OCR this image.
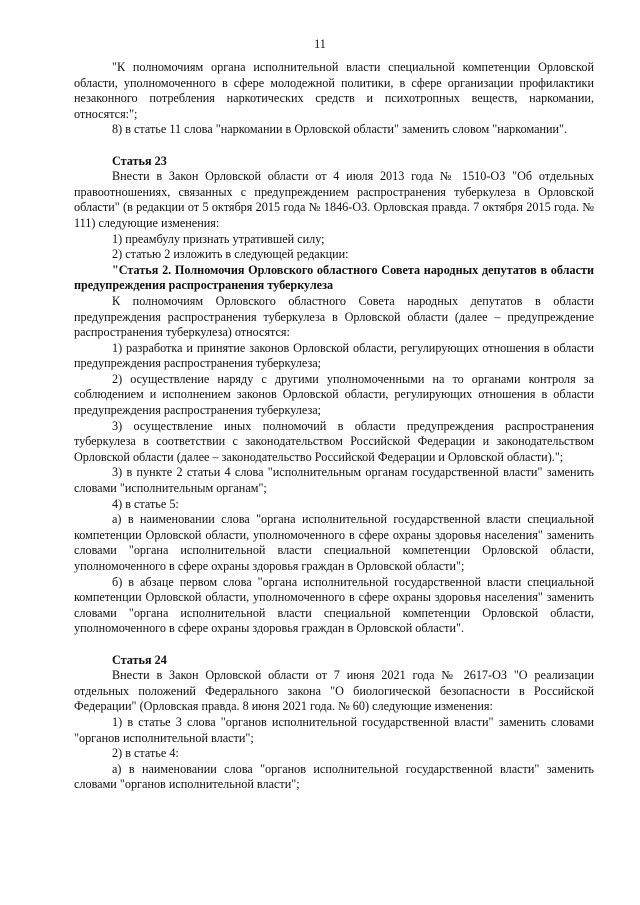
11

"К полномочиям органа исполнительной власти специальной компетенции Орловской области, уполномоченного в сфере молодежной политики, в сфере организации профилактики незаконного потребления наркотических средств и психотропных веществ, наркомании, относятся:";

8) в статье 11 слова "наркомании в Орловской области" заменить словом "наркомании".

Статья 23

Внести в Закон Орловской области от 4 июля 2013 года № 1510-ОЗ "Об отдельных правоотношениях, связанных с предупреждением распространения туберкулеза в Орловской области" (в редакции от 5 октября 2015 года № 1846-ОЗ. Орловская правда. 7 октября 2015 года. № 111) следующие изменения:

1) преамбулу признать утратившей силу;

2) статью 2 изложить в следующей редакции:

"Статья 2. Полномочия Орловского областного Совета народных депутатов в области предупреждения распространения туберкулеза

К полномочиям Орловского областного Совета народных депутатов в области предупреждения распространения туберкулеза в Орловской области (далее – предупреждение распространения туберкулеза) относятся:

1) разработка и принятие законов Орловской области, регулирующих отношения в области предупреждения распространения туберкулеза;

2) осуществление наряду с другими уполномоченными на то органами контроля за соблюдением и исполнением законов Орловской области, регулирующих отношения в области предупреждения распространения туберкулеза;

3) осуществление иных полномочий в области предупреждения распространения туберкулеза в соответствии с законодательством Российской Федерации и законодательством Орловской области (далее – законодательство Российской Федерации и Орловской области).";

3) в пункте 2 статьи 4 слова "исполнительным органам государственной власти" заменить словами "исполнительным органам";

4) в статье 5:

а) в наименовании слова "органа исполнительной государственной власти специальной компетенции Орловской области, уполномоченного в сфере охраны здоровья населения" заменить словами "органа исполнительной власти специальной компетенции Орловской области, уполномоченного в сфере охраны здоровья граждан в Орловской области";

б) в абзаце первом слова "органа исполнительной государственной власти специальной компетенции Орловской области, уполномоченного в сфере охраны здоровья населения" заменить словами "органа исполнительной власти специальной компетенции Орловской области, уполномоченного в сфере охраны здоровья граждан в Орловской области".

Статья 24

Внести в Закон Орловской области от 7 июня 2021 года № 2617-ОЗ "О реализации отдельных положений Федерального закона "О биологической безопасности в Российской Федерации" (Орловская правда. 8 июня 2021 года. № 60) следующие изменения:

1) в статье 3 слова "органов исполнительной государственной власти" заменить словами "органов исполнительной власти";

2) в статье 4:

а) в наименовании слова "органов исполнительной государственной власти" заменить словами "органов исполнительной власти";
